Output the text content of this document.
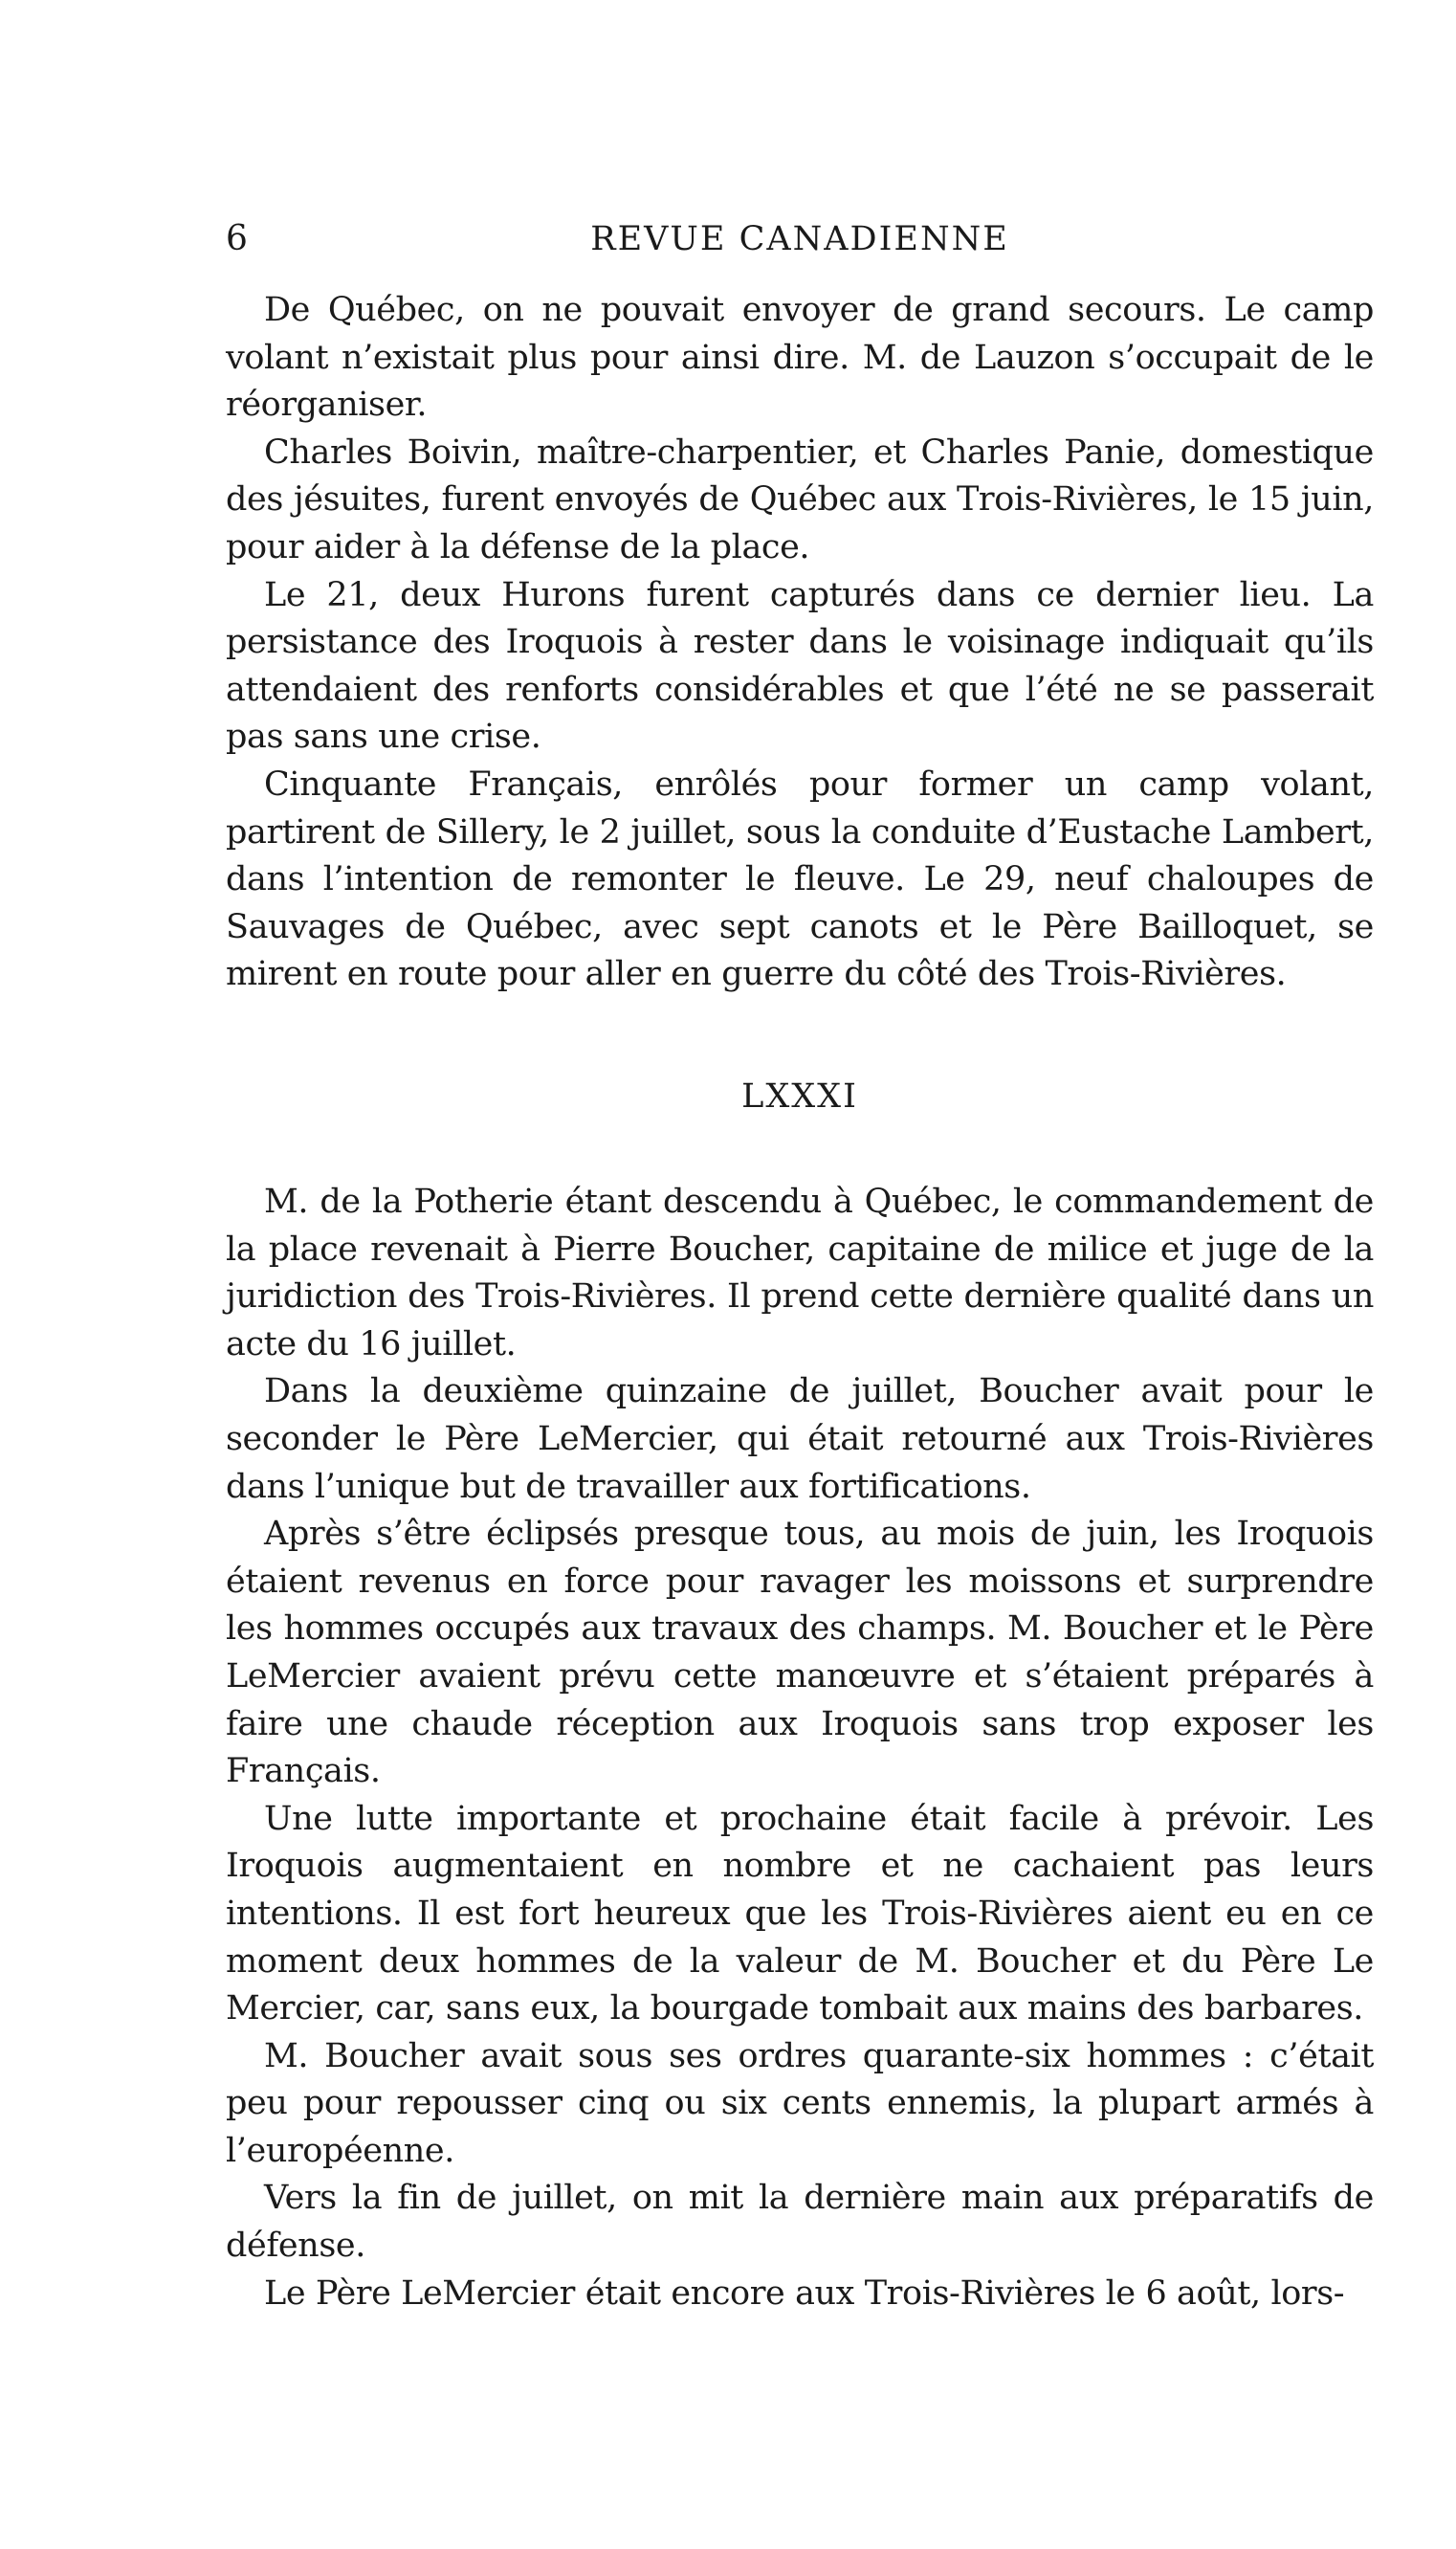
6	REVUE CANADIENNE

De Québec, on ne pouvait envoyer de grand secours. Le camp volant n’existait plus pour ainsi dire. M. de Lauzon s’occupait de le réorganiser.

Charles Boivin, maître-charpentier, et Charles Panie, domestique des jésuites, furent envoyés de Québec aux Trois-Rivières, le 15 juin, pour aider à la défense de la place.

Le 21, deux Hurons furent capturés dans ce dernier lieu. La persistance des Iroquois à rester dans le voisinage indiquait qu’ils attendaient des renforts considérables et que l’été ne se passerait pas sans une crise.

Cinquante Français, enrôlés pour former un camp volant, partirent de Sillery, le 2 juillet, sous la conduite d’Eustache Lambert, dans l’intention de remonter le fleuve. Le 29, neuf chaloupes de Sauvages de Québec, avec sept canots et le Père Bailloquet, se mirent en route pour aller en guerre du côté des Trois-Rivières.

LXXXI

M. de la Potherie étant descendu à Québec, le commandement de la place revenait à Pierre Boucher, capitaine de milice et juge de la juridiction des Trois-Rivières. Il prend cette dernière qualité dans un acte du 16 juillet.

Dans la deuxième quinzaine de juillet, Boucher avait pour le seconder le Père LeMercier, qui était retourné aux Trois-Rivières dans l’unique but de travailler aux fortifications.

Après s’être éclipsés presque tous, au mois de juin, les Iroquois étaient revenus en force pour ravager les moissons et surprendre les hommes occupés aux travaux des champs. M. Boucher et le Père LeMercier avaient prévu cette manœuvre et s’étaient préparés à faire une chaude réception aux Iroquois sans trop exposer les Français.

Une lutte importante et prochaine était facile à prévoir. Les Iroquois augmentaient en nombre et ne cachaient pas leurs intentions. Il est fort heureux que les Trois-Rivières aient eu en ce moment deux hommes de la valeur de M. Boucher et du Père Le Mercier, car, sans eux, la bourgade tombait aux mains des barbares.

M. Boucher avait sous ses ordres quarante-six hommes : c’était peu pour repousser cinq ou six cents ennemis, la plupart armés à l’européenne.

Vers la fin de juillet, on mit la dernière main aux préparatifs de défense.

Le Père LeMercier était encore aux Trois-Rivières le 6 août, lors-
